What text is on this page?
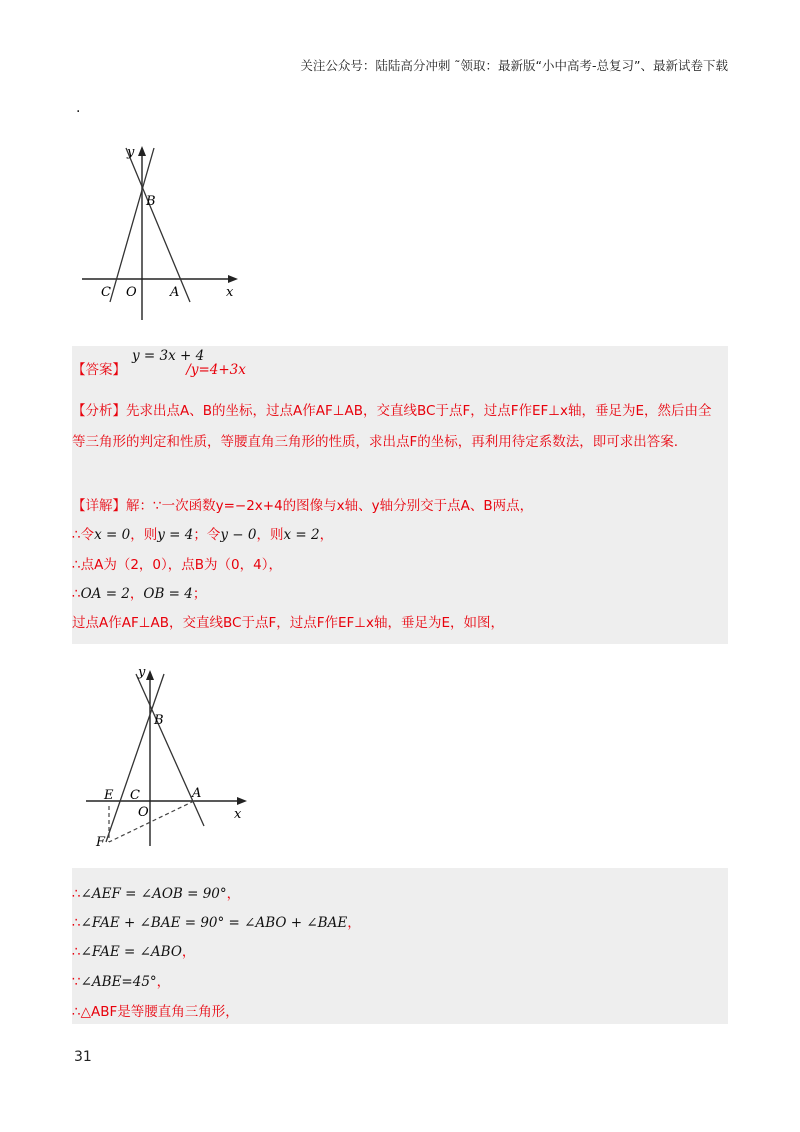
关注公众号：陆陆高分冲刺 ˜领取：最新版“小中高考-总复习”、最新试卷下载
.
y
x
B
C O	A
y = 3x + 4
【答案】	/y=4+3x
【分析】先求出点A、B的坐标，过点A作AF⊥AB，交直线BC于点F，过点F作EF⊥x轴，垂足为E，然后由全等三角形的判定和性质，等腰直角三角形的性质，求出点F的坐标，再利用待定系数法，即可求出答案.
【详解】解：∵一次函数y=−2x+4的图像与x轴、y轴分别交于点A、B两点，
∴令x = 0，则y = 4；令y − 0，则x = 2，
∴点A为（2，0），点B为（0，4），
∴OA = 2，OB = 4；
过点A作AF⊥AB，交直线BC于点F，过点F作EF⊥x轴，垂足为E，如图，
y
x
B
E C
O
A
F
∴∠AEF = ∠AOB = 90°，
∴∠FAE + ∠BAE = 90° = ∠ABO + ∠BAE，
∴∠FAE = ∠ABO，
∵∠ABE=45°，
∴△ABF是等腰直角三角形，
31
